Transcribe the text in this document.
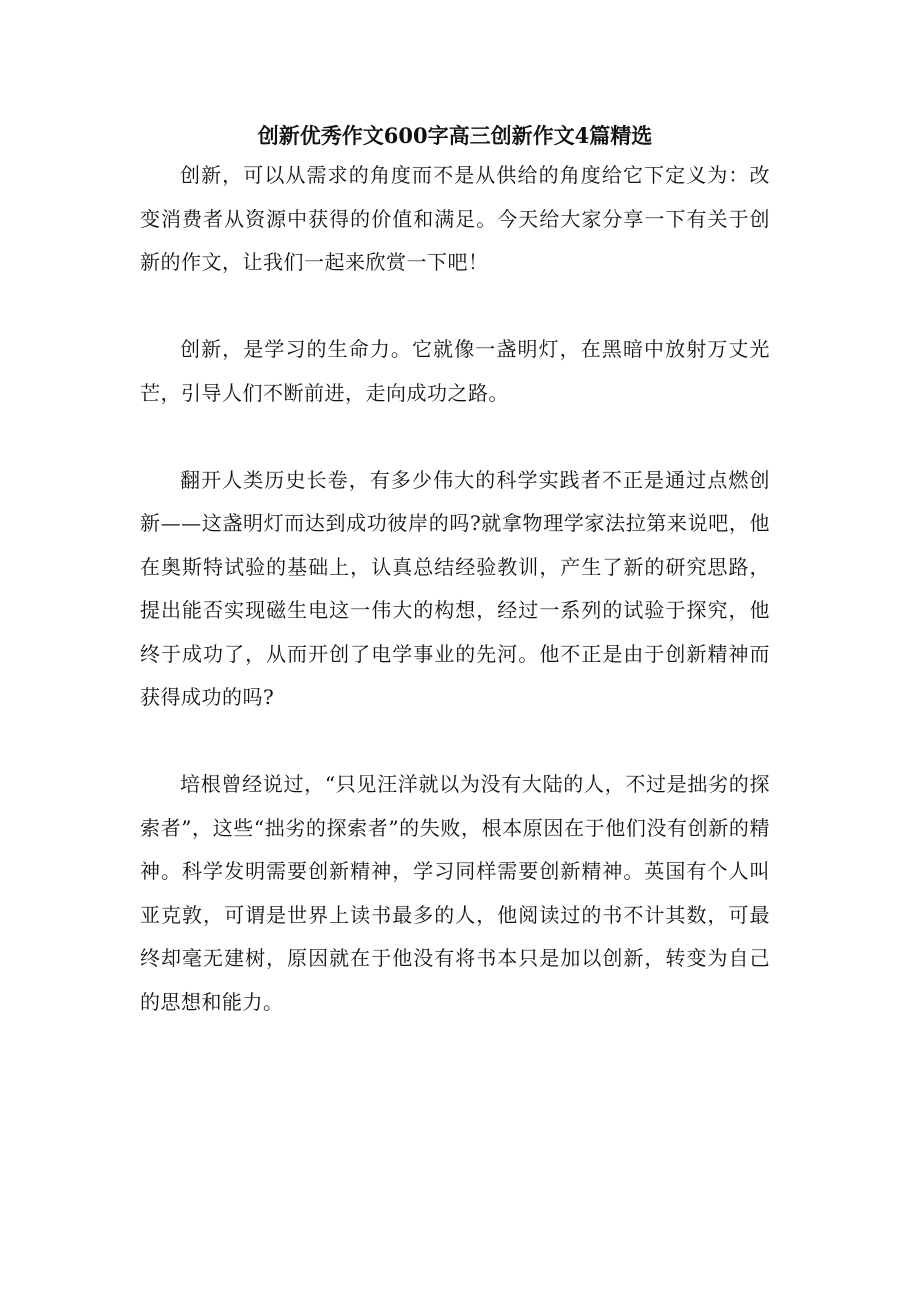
创新优秀作文600字高三创新作文4篇精选

创新，可以从需求的角度而不是从供给的角度给它下定义为：改变消费者从资源中获得的价值和满足。今天给大家分享一下有关于创新的作文，让我们一起来欣赏一下吧！

创新，是学习的生命力。它就像一盏明灯，在黑暗中放射万丈光芒，引导人们不断前进，走向成功之路。

翻开人类历史长卷，有多少伟大的科学实践者不正是通过点燃创新——这盏明灯而达到成功彼岸的吗?就拿物理学家法拉第来说吧，他在奥斯特试验的基础上，认真总结经验教训，产生了新的研究思路，提出能否实现磁生电这一伟大的构想，经过一系列的试验于探究，他终于成功了，从而开创了电学事业的先河。他不正是由于创新精神而获得成功的吗?

培根曾经说过，“只见汪洋就以为没有大陆的人，不过是拙劣的探索者”，这些“拙劣的探索者”的失败，根本原因在于他们没有创新的精神。科学发明需要创新精神，学习同样需要创新精神。英国有个人叫亚克敦，可谓是世界上读书最多的人，他阅读过的书不计其数，可最终却毫无建树，原因就在于他没有将书本只是加以创新，转变为自己的思想和能力。
